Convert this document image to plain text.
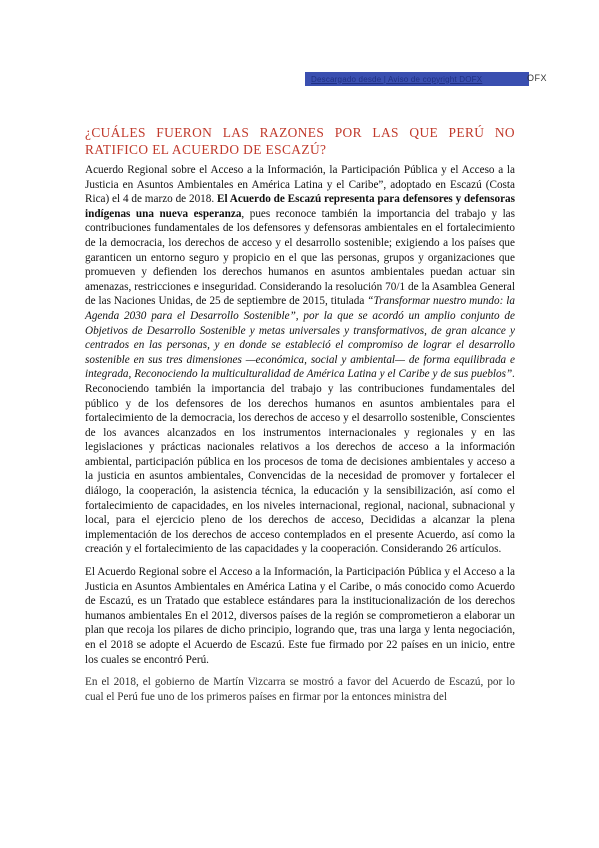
Descargado desde | Aviso de copyright DOFX	OFX
¿CUÁLES FUERON LAS RAZONES POR LAS QUE PERÚ NO RATIFICO EL ACUERDO DE ESCAZÚ?

Acuerdo Regional sobre el Acceso a la Información, la Participación Pública y el Acceso a la Justicia en Asuntos Ambientales en América Latina y el Caribe”, adoptado en Escazú (Costa Rica) el 4 de marzo de 2018. El Acuerdo de Escazú representa para defensores y defensoras indígenas una nueva esperanza, pues reconoce también la importancia del trabajo y las contribuciones fundamentales de los defensores y defensoras ambientales en el fortalecimiento de la democracia, los derechos de acceso y el desarrollo sostenible; exigiendo a los países que garanticen un entorno seguro y propicio en el que las personas, grupos y organizaciones que promueven y defienden los derechos humanos en asuntos ambientales puedan actuar sin amenazas, restricciones e inseguridad. Considerando la resolución 70/1 de la Asamblea General de las Naciones Unidas, de 25 de septiembre de 2015, titulada “Transformar nuestro mundo: la Agenda 2030 para el Desarrollo Sostenible”, por la que se acordó un amplio conjunto de Objetivos de Desarrollo Sostenible y metas universales y transformativos, de gran alcance y centrados en las personas, y en donde se estableció el compromiso de lograr el desarrollo sostenible en sus tres dimensiones —económica, social y ambiental— de forma equilibrada e integrada, Reconociendo la multiculturalidad de América Latina y el Caribe y de sus pueblos”. Reconociendo también la importancia del trabajo y las contribuciones fundamentales del público y de los defensores de los derechos humanos en asuntos ambientales para el fortalecimiento de la democracia, los derechos de acceso y el desarrollo sostenible, Conscientes de los avances alcanzados en los instrumentos internacionales y regionales y en las legislaciones y prácticas nacionales relativos a los derechos de acceso a la información ambiental, participación pública en los procesos de toma de decisiones ambientales y acceso a la justicia en asuntos ambientales, Convencidas de la necesidad de promover y fortalecer el diálogo, la cooperación, la asistencia técnica, la educación y la sensibilización, así como el fortalecimiento de capacidades, en los niveles internacional, regional, nacional, subnacional y local, para el ejercicio pleno de los derechos de acceso, Decididas a alcanzar la plena implementación de los derechos de acceso contemplados en el presente Acuerdo, así como la creación y el fortalecimiento de las capacidades y la cooperación. Considerando 26 artículos.

El Acuerdo Regional sobre el Acceso a la Información, la Participación Pública y el Acceso a la Justicia en Asuntos Ambientales en América Latina y el Caribe, o más conocido como Acuerdo de Escazú, es un Tratado que establece estándares para la institucionalización de los derechos humanos ambientales En el 2012, diversos países de la región se comprometieron a elaborar un plan que recoja los pilares de dicho principio, logrando que, tras una larga y lenta negociación, en el 2018 se adopte el Acuerdo de Escazú. Este fue firmado por 22 países en un inicio, entre los cuales se encontró Perú.

En el 2018, el gobierno de Martín Vizcarra se mostró a favor del Acuerdo de Escazú, por lo cual el Perú fue uno de los primeros países en firmar por la entonces ministra del
